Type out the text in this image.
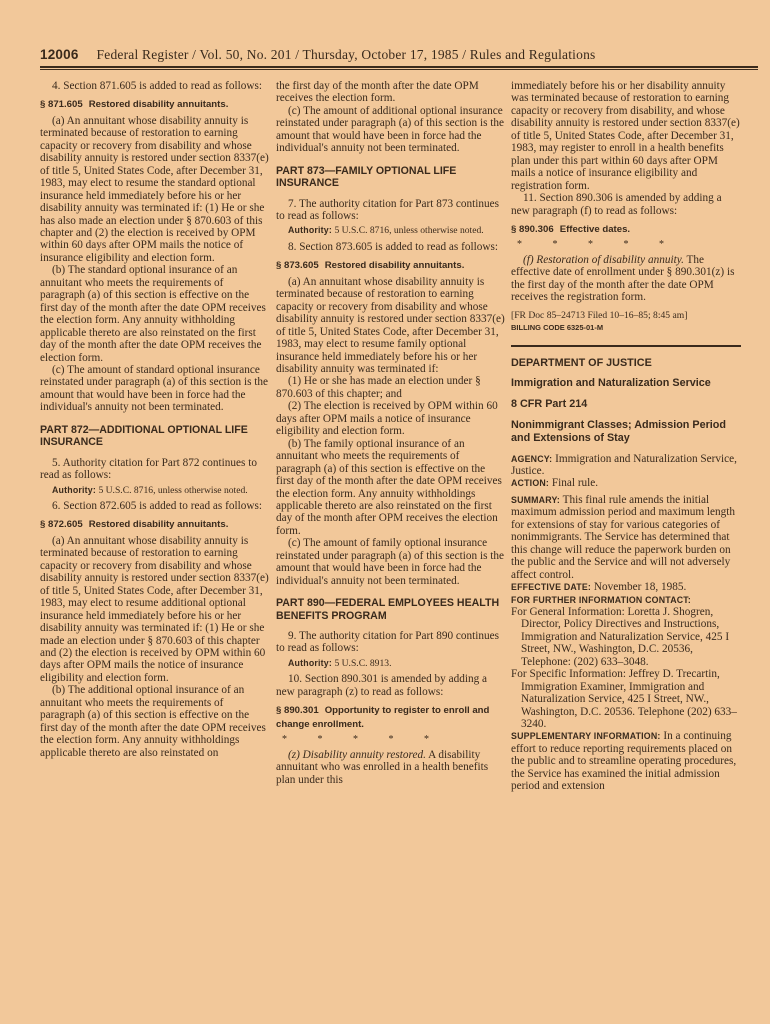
12006 Federal Register / Vol. 50, No. 201 / Thursday, October 17, 1985 / Rules and Regulations

4. Section 871.605 is added to read as follows:

§ 871.605 Restored disability annuitants.

(a) An annuitant whose disability annuity is terminated because of restoration to earning capacity or recovery from disability and whose disability annuity is restored under section 8337(e) of title 5, United States Code, after December 31, 1983, may elect to resume the standard optional insurance held immediately before his or her disability annuity was terminated if: (1) He or she has also made an election under § 870.603 of this chapter and (2) the election is received by OPM within 60 days after OPM mails the notice of insurance eligibility and election form.

(b) The standard optional insurance of an annuitant who meets the requirements of paragraph (a) of this section is effective on the first day of the month after the date OPM receives the election form. Any annuity withholding applicable thereto are also reinstated on the first day of the month after the date OPM receives the election form.

(c) The amount of standard optional insurance reinstated under paragraph (a) of this section is the amount that would have been in force had the individual's annuity not been terminated.

PART 872—ADDITIONAL OPTIONAL LIFE INSURANCE

5. Authority citation for Part 872 continues to read as follows:

Authority: 5 U.S.C. 8716, unless otherwise noted.

6. Section 872.605 is added to read as follows:

§ 872.605 Restored disability annuitants.

(a) An annuitant whose disability annuity is terminated because of restoration to earning capacity or recovery from disability and whose disability annuity is restored under section 8337(e) of title 5, United States Code, after December 31, 1983, may elect to resume additional optional insurance held immediately before his or her disability annuity was terminated if: (1) He or she made an election under § 870.603 of this chapter and (2) the election is received by OPM within 60 days after OPM mails the notice of insurance eligibility and election form.

(b) The additional optional insurance of an annuitant who meets the requirements of paragraph (a) of this section is effective on the first day of the month after the date OPM receives the election form. Any annuity withholdings applicable thereto are also reinstated on

the first day of the month after the date OPM receives the election form.

(c) The amount of additional optional insurance reinstated under paragraph (a) of this section is the amount that would have been in force had the individual's annuity not been terminated.

PART 873—FAMILY OPTIONAL LIFE INSURANCE

7. The authority citation for Part 873 continues to read as follows:

Authority: 5 U.S.C. 8716, unless otherwise noted.

8. Section 873.605 is added to read as follows:

§ 873.605 Restored disability annuitants.

(a) An annuitant whose disability annuity is terminated because of restoration to earning capacity or recovery from disability and whose disability annuity is restored under section 8337(e) of title 5, United States Code, after December 31, 1983, may elect to resume family optional insurance held immediately before his or her disability annuity was terminated if:

(1) He or she has made an election under § 870.603 of this chapter; and

(2) The election is received by OPM within 60 days after OPM mails a notice of insurance eligibility and election form.

(b) The family optional insurance of an annuitant who meets the requirements of paragraph (a) of this section is effective on the first day of the month after the date OPM receives the election form. Any annuity withholdings applicable thereto are also reinstated on the first day of the month after OPM receives the election form.

(c) The amount of family optional insurance reinstated under paragraph (a) of this section is the amount that would have been in force had the individual's annuity not been terminated.

PART 890—FEDERAL EMPLOYEES HEALTH BENEFITS PROGRAM

9. The authority citation for Part 890 continues to read as follows:

Authority: 5 U.S.C. 8913.

10. Section 890.301 is amended by adding a new paragraph (z) to read as follows:

§ 890.301 Opportunity to register to enroll and change enrollment.

* * * * *

(z) Disability annuity restored. A disability annuitant who was enrolled in a health benefits plan under this

immediately before his or her disability annuity was terminated because of restoration to earning capacity or recovery from disability, and whose disability annuity is restored under section 8337(e) of title 5, United States Code, after December 31, 1983, may register to enroll in a health benefits plan under this part within 60 days after OPM mails a notice of insurance eligibility and registration form.

11. Section 890.306 is amended by adding a new paragraph (f) to read as follows:

§ 890.306 Effective dates.

* * * * *

(f) Restoration of disability annuity. The effective date of enrollment under § 890.301(z) is the first day of the month after the date OPM receives the registration form.

[FR Doc 85–24713 Filed 10–16–85; 8:45 am]

BILLING CODE 6325-01-M

DEPARTMENT OF JUSTICE

Immigration and Naturalization Service

8 CFR Part 214

Nonimmigrant Classes; Admission Period and Extensions of Stay

AGENCY: Immigration and Naturalization Service, Justice.

ACTION: Final rule.

SUMMARY: This final rule amends the initial maximum admission period and maximum length for extensions of stay for various categories of nonimmigrants. The Service has determined that this change will reduce the paperwork burden on the public and the Service and will not adversely affect control.

EFFECTIVE DATE: November 18, 1985.

FOR FURTHER INFORMATION CONTACT:

For General Information: Loretta J. Shogren, Director, Policy Directives and Instructions, Immigration and Naturalization Service, 425 I Street, NW., Washington, D.C. 20536, Telephone: (202) 633–3048.

For Specific Information: Jeffrey D. Trecartin, Immigration Examiner, Immigration and Naturalization Service, 425 I Street, NW., Washington, D.C. 20536. Telephone (202) 633–3240.

SUPPLEMENTARY INFORMATION: In a continuing effort to reduce reporting requirements placed on the public and to streamline operating procedures, the Service has examined the initial admission period and extension
